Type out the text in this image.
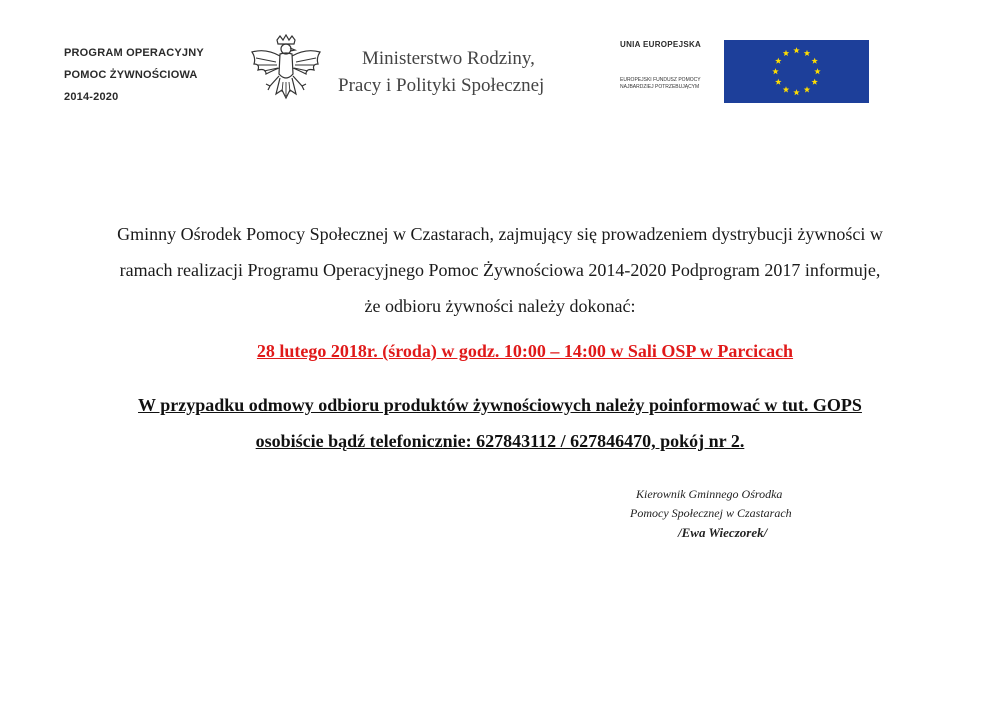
PROGRAM OPERACYJNY
POMOC ŻYWNOŚCIOWA
2014-2020
Ministerstwo Rodziny,
Pracy i Polityki Społecznej
UNIA EUROPEJSKA
EUROPEJSKI FUNDUSZ POMOCY
NAJBARDZIEJ POTRZEBUJĄCYM

Gminny Ośrodek Pomocy Społecznej w Czastarach, zajmujący się prowadzeniem dystrybucji żywności w

ramach realizacji Programu Operacyjnego Pomoc Żywnościowa 2014-2020 Podprogram 2017 informuje,

że odbioru żywności należy dokonać:

28 lutego 2018r. (środa) w godz. 10:00 – 14:00 w Sali OSP w Parcicach

W przypadku odmowy odbioru produktów żywnościowych należy poinformować w tut. GOPS

osobiście bądź telefonicznie: 627843112 / 627846470, pokój nr 2.

Kierownik Gminnego Ośrodka
Pomocy Społecznej w Czastarach
/Ewa Wieczorek/
